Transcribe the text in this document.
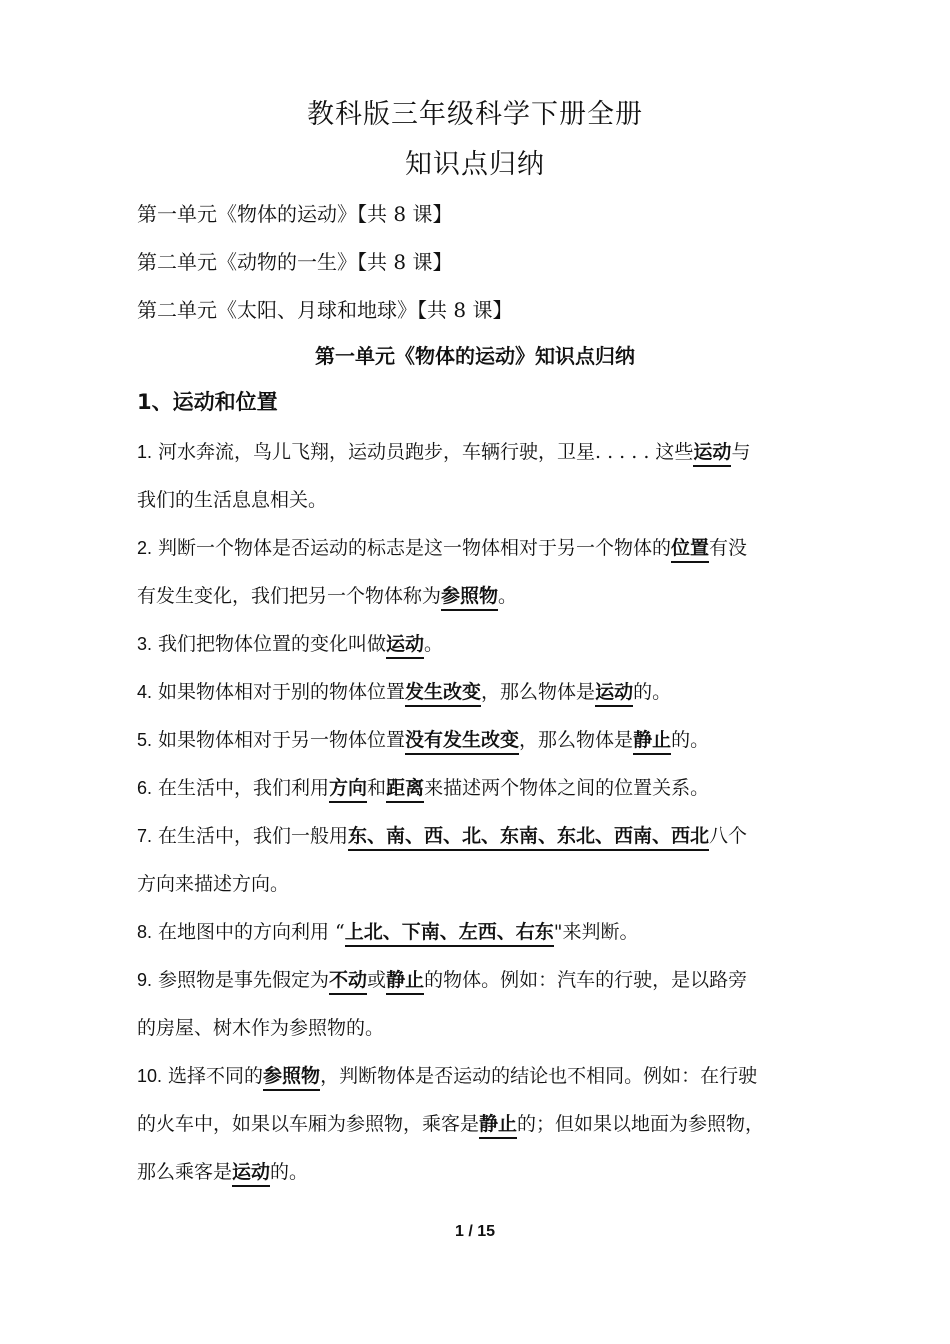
教科版三年级科学下册全册
知识点归纳
第一单元《物体的运动》【共 8 课】
第二单元《动物的一生》【共 8 课】
第二单元《太阳、月球和地球》【共 8 课】
第一单元《物体的运动》知识点归纳
1、运动和位置
1. 河水奔流，鸟儿飞翔，运动员跑步，车辆行驶，卫星. . . . . 这些运动与
我们的生活息息相关。
2. 判断一个物体是否运动的标志是这一物体相对于另一个物体的位置有没
有发生变化，我们把另一个物体称为参照物。
3. 我们把物体位置的变化叫做运动。
4. 如果物体相对于别的物体位置发生改变，那么物体是运动的。
5. 如果物体相对于另一物体位置没有发生改变，那么物体是静止的。
6. 在生活中，我们利用方向和距离来描述两个物体之间的位置关系。
7. 在生活中，我们一般用东、南、西、北、东南、东北、西南、西北八个
方向来描述方向。
8. 在地图中的方向利用 “上北、下南、左西、右东"来判断。
9. 参照物是事先假定为不动或静止的物体。例如：汽车的行驶，是以路旁
的房屋、树木作为参照物的。
10. 选择不同的参照物，判断物体是否运动的结论也不相同。例如：在行驶
的火车中，如果以车厢为参照物，乘客是静止的；但如果以地面为参照物，
那么乘客是运动的。
1 / 15
